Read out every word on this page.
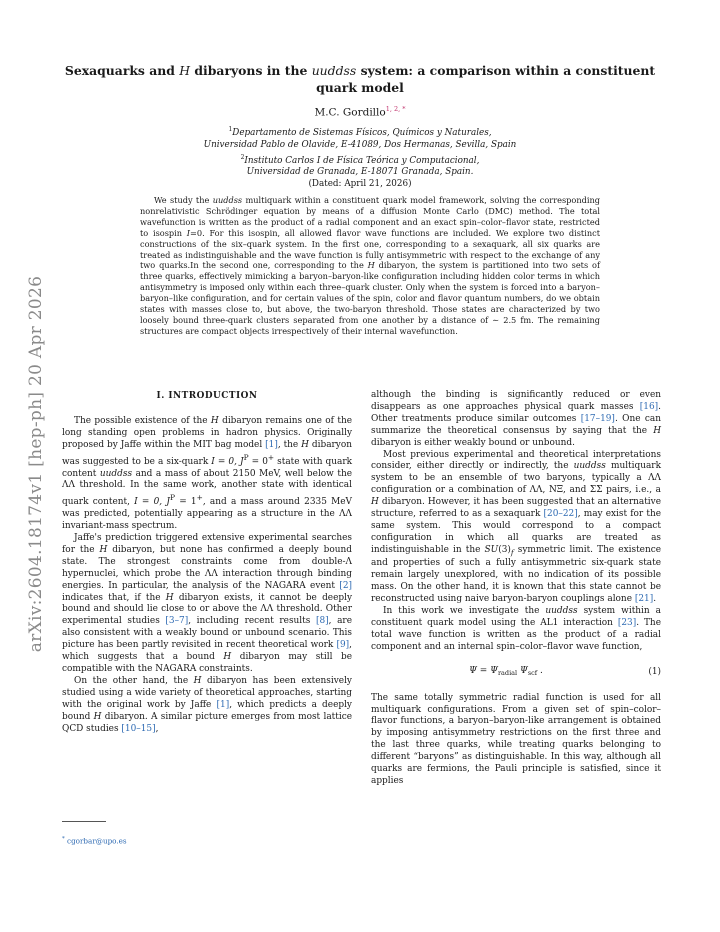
arXiv:2604.18174v1 [hep-ph] 20 Apr 2026
Sexaquarks and H dibaryons in the uuddss system: a comparison within a constituent
quark model
M.C. Gordillo$^{1, 2, *}$
$^1$Departamento de Sistemas Físicos, Químicos y Naturales,
Universidad Pablo de Olavide, E-41089, Dos Hermanas, Sevilla, Spain
$^2$Instituto Carlos I de Física Teórica y Computacional,
Universidad de Granada, E-18071 Granada, Spain.
(Dated: April 21, 2026)
We study the uuddss multiquark within a constituent quark model framework, solving the corresponding nonrelativistic Schrödinger equation by means of a diffusion Monte Carlo (DMC) method. The total wavefunction is written as the product of a radial component and an exact spin–color–flavor state, restricted to isospin I=0. For this isospin, all allowed flavor wave functions are included. We explore two distinct constructions of the six–quark system. In the first one, corresponding to a sexaquark, all six quarks are treated as indistinguishable and the wave function is fully antisymmetric with respect to the exchange of any two quarks.In the second one, corresponding to the H dibaryon, the system is partitioned into two sets of three quarks, effectively mimicking a baryon–baryon-like configuration including hidden color terms in which antisymmetry is imposed only within each three–quark cluster. Only when the system is forced into a baryon–baryon–like configuration, and for certain values of the spin, color and flavor quantum numbers, do we obtain states with masses close to, but above, the two-baryon threshold. Those states are characterized by two loosely bound three-quark clusters separated from one another by a distance of ∼ 2.5 fm. The remaining structures are compact objects irrespectively of their internal wavefunction.
I. INTRODUCTION

The possible existence of the H dibaryon remains one of the long standing open problems in hadron physics. Originally proposed by Jaffe within the MIT bag model [1], the H dibaryon was suggested to be a six-quark I = 0, $J^P = 0^+$ state with quark content uuddss and a mass of about 2150 MeV, well below the ΛΛ threshold. In the same work, another state with identical quark content, I = 0, $J^P = 1^+$, and a mass around 2335 MeV was predicted, potentially appearing as a structure in the ΛΛ invariant-mass spectrum.

Jaffe's prediction triggered extensive experimental searches for the H dibaryon, but none has confirmed a deeply bound state. The strongest constraints come from double-Λ hypernuclei, which probe the ΛΛ interaction through binding energies. In particular, the analysis of the NAGARA event [2] indicates that, if the H dibaryon exists, it cannot be deeply bound and should lie close to or above the ΛΛ threshold. Other experimental studies [3–7], including recent results [8], are also consistent with a weakly bound or unbound scenario. This picture has been partly revisited in recent theoretical work [9], which suggests that a bound H dibaryon may still be compatible with the NAGARA constraints.

On the other hand, the H dibaryon has been extensively studied using a wide variety of theoretical approaches, starting with the original work by Jaffe [1], which predicts a deeply bound H dibaryon. A similar picture emerges from most lattice QCD studies [10–15],

although the binding is significantly reduced or even disappears as one approaches physical quark masses [16]. Other treatments produce similar outcomes [17–19]. One can summarize the theoretical consensus by saying that the H dibaryon is either weakly bound or unbound.

Most previous experimental and theoretical interpretations consider, either directly or indirectly, the uuddss multiquark system to be an ensemble of two baryons, typically a ΛΛ configuration or a combination of ΛΛ, NΞ, and ΣΣ pairs, i.e., a H dibaryon. However, it has been suggested that an alternative structure, referred to as a sexaquark [20–22], may exist for the same system. This would correspond to a compact configuration in which all quarks are treated as indistinguishable in the $SU(3)_f$ symmetric limit. The existence and properties of such a fully antisymmetric six-quark state remain largely unexplored, with no indication of its possible mass. On the other hand, it is known that this state cannot be reconstructed using naive baryon-baryon couplings alone [21].

In this work we investigate the uuddss system within a constituent quark model using the AL1 interaction [23]. The total wave function is written as the product of a radial component and an internal spin–color–flavor wave function,

$\Psi = \Psi_{radial}$ $\Psi_{scf}$ .	(1)

The same totally symmetric radial function is used for all multiquark configurations. From a given set of spin–color–flavor functions, a baryon–baryon-like arrangement is obtained by imposing antisymmetry restrictions on the first three and the last three quarks, while treating quarks belonging to different “baryons” as distinguishable. In this way, although all quarks are fermions, the Pauli principle is satisfied, since it applies

* cgorbar@upo.es
